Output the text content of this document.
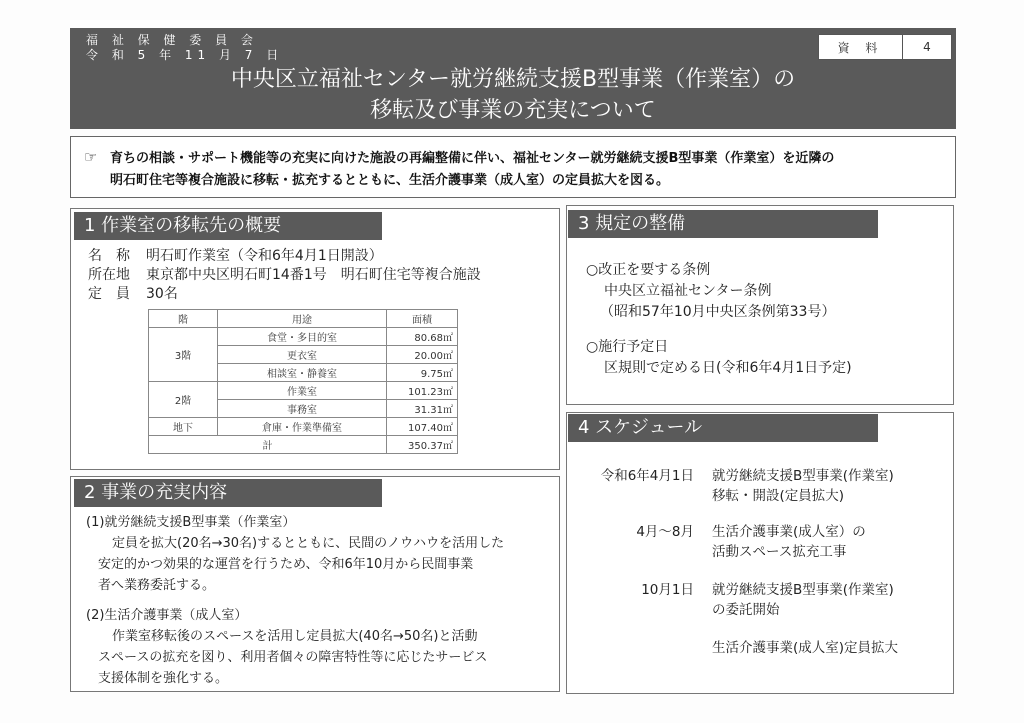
福 祉 保 健 委 員 会
令 和 5 年 11 月 7 日
資 料	4
中央区立福祉センター就労継続支援B型事業（作業室）の
移転及び事業の充実について
☞ 育ちの相談・サポート機能等の充実に向けた施設の再編整備に伴い、福祉センター就労継続支援B型事業（作業室）を近隣の
明石町住宅等複合施設に移転・拡充するとともに、生活介護事業（成人室）の定員拡大を図る。
1 作業室の移転先の概要
名　称 明石町作業室（令和6年4月1日開設）
所在地 東京都中央区明石町14番1号　明石町住宅等複合施設
定　員 30名
階	用途	面積
3階	食堂・多目的室	80.68㎡
	更衣室	20.00㎡
	相談室・静養室	9.75㎡
2階	作業室	101.23㎡
	事務室	31.31㎡
地下	倉庫・作業準備室	107.40㎡
計		350.37㎡
2 事業の充実内容
(1)就労継続支援B型事業（作業室）
定員を拡大(20名→30名)するとともに、民間のノウハウを活用した
安定的かつ効果的な運営を行うため、令和6年10月から民間事業
者へ業務委託する。
(2)生活介護事業（成人室）
作業室移転後のスペースを活用し定員拡大(40名→50名)と活動
スペースの拡充を図り、利用者個々の障害特性等に応じたサービス
支援体制を強化する。
3 規定の整備
○改正を要する条例
中央区立福祉センター条例
（昭和57年10月中央区条例第33号）
○施行予定日
区規則で定める日(令和6年4月1日予定)
4 スケジュール
令和6年4月1日 就労継続支援B型事業(作業室)
移転・開設(定員拡大)
4月～8月 生活介護事業(成人室）の
活動スペース拡充工事
10月1日 就労継続支援B型事業(作業室)
の委託開始
生活介護事業(成人室)定員拡大
